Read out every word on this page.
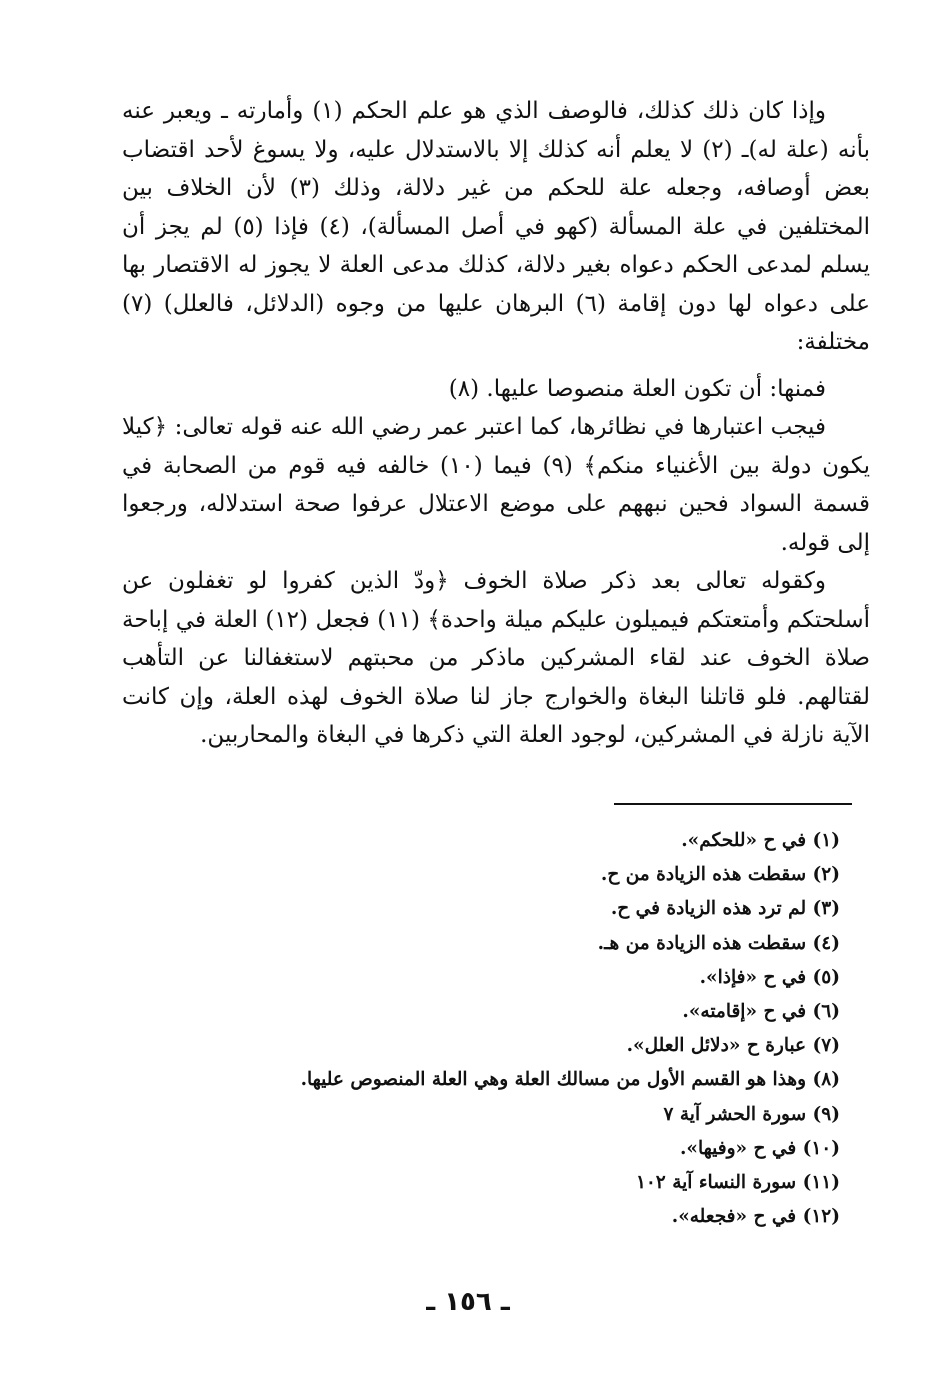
وإذا كان ذلك كذلك، فالوصف الذي هو علم الحكم (١) وأمارته ـ ويعبر عنه بأنه (علة له)ـ (٢) لا يعلم أنه كذلك إلا بالاستدلال عليه، ولا يسوغ لأحد اقتضاب بعض أوصافه، وجعله علة للحكم من غير دلالة، وذلك (٣) لأن الخلاف بين المختلفين في علة المسألة (كهو في أصل المسألة)، (٤) فإذا (٥) لم يجز أن يسلم لمدعى الحكم دعواه بغير دلالة، كذلك مدعى العلة لا يجوز له الاقتصار بها على دعواه لها دون إقامة (٦) البرهان عليها من وجوه (الدلائل، فالعلل) (٧) مختلفة:

فمنها: أن تكون العلة منصوصا عليها. (٨)

فيجب اعتبارها في نظائرها، كما اعتبر عمر رضي الله عنه قوله تعالى: ﴿كيلا يكون دولة بين الأغنياء منكم﴾ (٩) فيما (١٠) خالفه فيه قوم من الصحابة في قسمة السواد فحين نبههم على موضع الاعتلال عرفوا صحة استدلاله، ورجعوا إلى قوله.

وكقوله تعالى بعد ذكر صلاة الخوف ﴿ودّ الذين كفروا لو تغفلون عن أسلحتكم وأمتعتكم فيميلون عليكم ميلة واحدة﴾ (١١) فجعل (١٢) العلة في إباحة صلاة الخوف عند لقاء المشركين ماذكر من محبتهم لاستغفالنا عن التأهب لقتالهم. فلو قاتلنا البغاة والخوارج جاز لنا صلاة الخوف لهذه العلة، وإن كانت الآية نازلة في المشركين، لوجود العلة التي ذكرها في البغاة والمحاربين.

(١) في ح «للحكم».
(٢) سقطت هذه الزيادة من ح.
(٣) لم ترد هذه الزيادة في ح.
(٤) سقطت هذه الزيادة من هـ.
(٥) في ح «فإذا».
(٦) في ح «إقامته».
(٧) عبارة ح «دلائل العلل».
(٨) وهذا هو القسم الأول من مسالك العلة وهي العلة المنصوص عليها.
(٩) سورة الحشر آية ٧
(١٠) في ح «وفيها».
(١١) سورة النساء آية ١٠٢
(١٢) في ح «فجعله».
ـ ١٥٦ ـ
